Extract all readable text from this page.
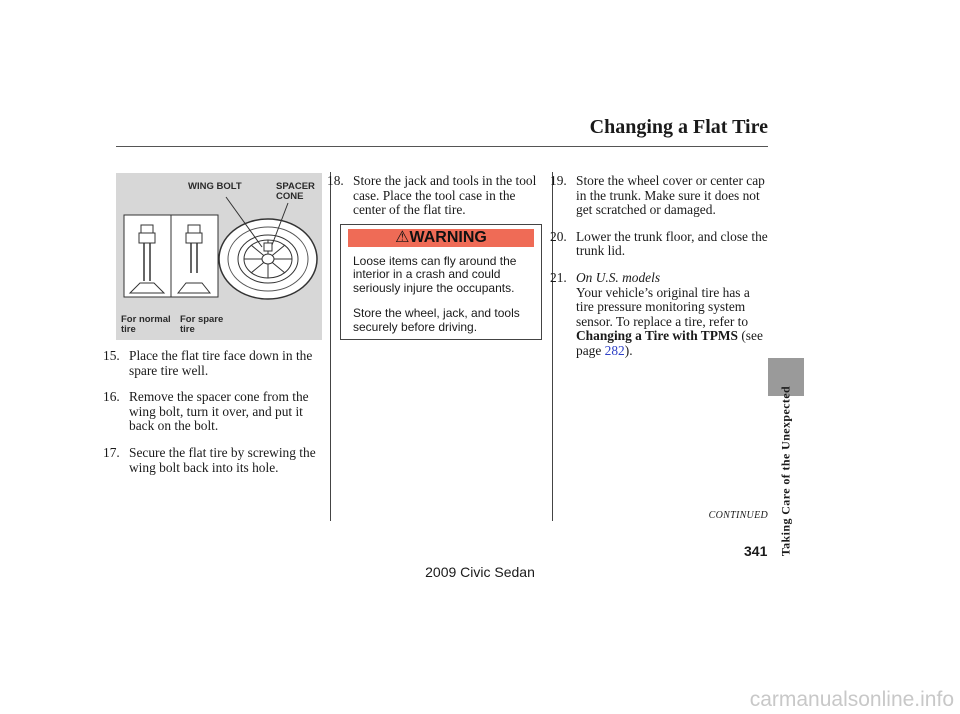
Changing a Flat Tire
WING BOLT	SPACER
CONE
For normal
tire
For spare
tire
15. Place the flat tire face down in the spare tire well.
16. Remove the spacer cone from the wing bolt, turn it over, and put it back on the bolt.
17. Secure the flat tire by screwing the wing bolt back into its hole.
18. Store the jack and tools in the tool case. Place the tool case in the center of the flat tire.
⚠WARNING

Loose items can fly around the interior in a crash and could seriously injure the occupants.

Store the wheel, jack, and tools securely before driving.

19. Store the wheel cover or center cap in the trunk. Make sure it does not get scratched or damaged.
20. Lower the trunk floor, and close the trunk lid.
21. On U.S. models
Your vehicle’s original tire has a tire pressure monitoring system sensor. To replace a tire, refer to Changing a Tire with TPMS (see page 282).
Taking Care of the Unexpected
CONTINUED
341
2009 Civic Sedan
carmanualsonline.info
